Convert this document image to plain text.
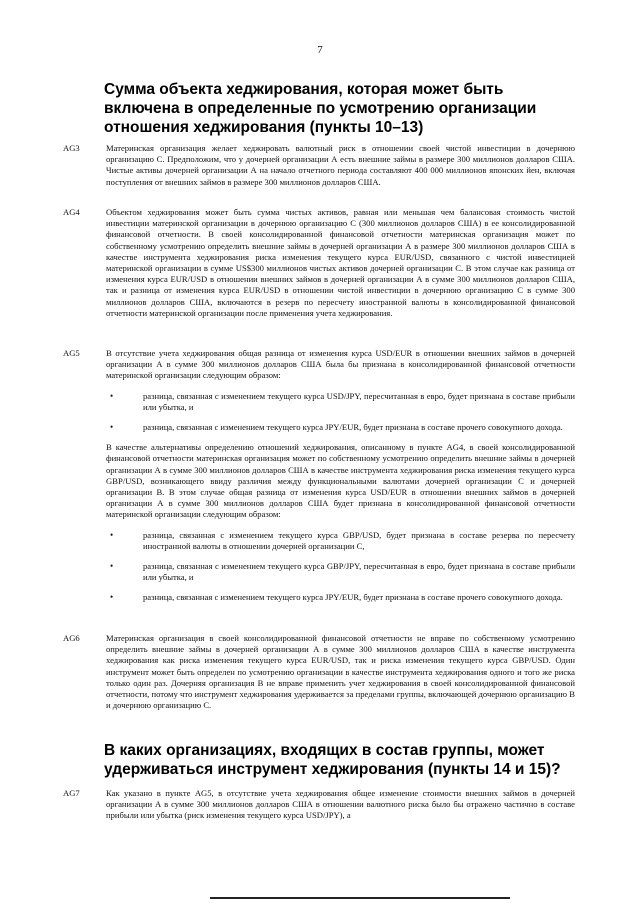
7
Сумма объекта хеджирования, которая может быть включена в определенные по усмотрению организации отношения хеджирования (пункты 10–13)
AG3	Материнская организация желает хеджировать валютный риск в отношении своей чистой инвестиции в дочернюю организацию С. Предположим, что у дочерней организации А есть внешние займы в размере 300 миллионов долларов США. Чистые активы дочерней организации А на начало отчетного периода составляют 400 000 миллионов японских йен, включая поступления от внешних займов в размере 300 миллионов долларов США.

AG4	Объектом хеджирования может быть сумма чистых активов, равная или меньшая чем балансовая стоимость чистой инвестиции материнской организации в дочернюю организацию С (300 миллионов долларов США) в ее консолидированной финансовой отчетности. В своей консолидированной финансовой отчетности материнская организация может по собственному усмотрению определить внешние займы в дочерней организации А в размере 300 миллионов долларов США в качестве инструмента хеджирования риска изменения текущего курса EUR/USD, связанного с чистой инвестицией материнской организации в сумме US$300 миллионов чистых активов дочерней организации С. В этом случае как разница от изменения курса EUR/USD в отношении внешних займов в дочерней организации А в сумме 300 миллионов долларов США, так и разница от изменения курса EUR/USD в отношении чистой инвестиции в дочернюю организацию С в сумме 300 миллионов долларов США, включаются в резерв по пересчету иностранной валюты в консолидированной финансовой отчетности материнской организации после применения учета хеджирования.

AG5	В отсутствие учета хеджирования общая разница от изменения курса USD/EUR в отношении внешних займов в дочерней организации А в сумме 300 миллионов долларов США была бы признана в консолидированной финансовой отчетности материнской организации следующим образом:

•	разница, связанная с изменением текущего курса USD/JPY, пересчитанная в евро, будет признана в составе прибыли или убытка, и
•	разница, связанная с изменением текущего курса JPY/EUR, будет признана в составе прочего совокупного дохода.

В качестве альтернативы определению отношений хеджирования, описанному в пункте AG4, в своей консолидированной финансовой отчетности материнская организация может по собственному усмотрению определить внешние займы в дочерней организации А в сумме 300 миллионов долларов США в качестве инструмента хеджирования риска изменения текущего курса GBP/USD, возникающего ввиду различия между функциональными валютами дочерней организации С и дочерней организации В. В этом случае общая разница от изменения курса USD/EUR в отношении внешних займов в дочерней организации А в сумме 300 миллионов долларов США будет признана в консолидированной финансовой отчетности материнской организации следующим образом:

•	разница, связанная с изменением текущего курса GBP/USD, будет признана в составе резерва по пересчету иностранной валюты в отношении дочерней организации С,
•	разница, связанная с изменением текущего курса GBP/JPY, пересчитанная в евро, будет признана в составе прибыли или убытка, и
•	разница, связанная с изменением текущего курса JPY/EUR, будет признана в составе прочего совокупного дохода.
AG6	Материнская организация в своей консолидированной финансовой отчетности не вправе по собственному усмотрению определить внешние займы в дочерней организации А в сумме 300 миллионов долларов США в качестве инструмента хеджирования как риска изменения текущего курса EUR/USD, так и риска изменения текущего курса GBP/USD. Один инструмент может быть определен по усмотрению организации в качестве инструмента хеджирования одного и того же риска только один раз. Дочерняя организация В не вправе применить учет хеджирования в своей консолидированной финансовой отчетности, потому что инструмент хеджирования удерживается за пределами группы, включающей дочернюю организацию В и дочернюю организацию С.

В каких организациях, входящих в состав группы, может удерживаться инструмент хеджирования (пункты 14 и 15)?
AG7	Как указано в пункте AG5, в отсутствие учета хеджирования общее изменение стоимости внешних займов в дочерней организации А в сумме 300 миллионов долларов США в отношении валютного риска было бы отражено частично в составе прибыли или убытка (риск изменения текущего курса USD/JPY), а
